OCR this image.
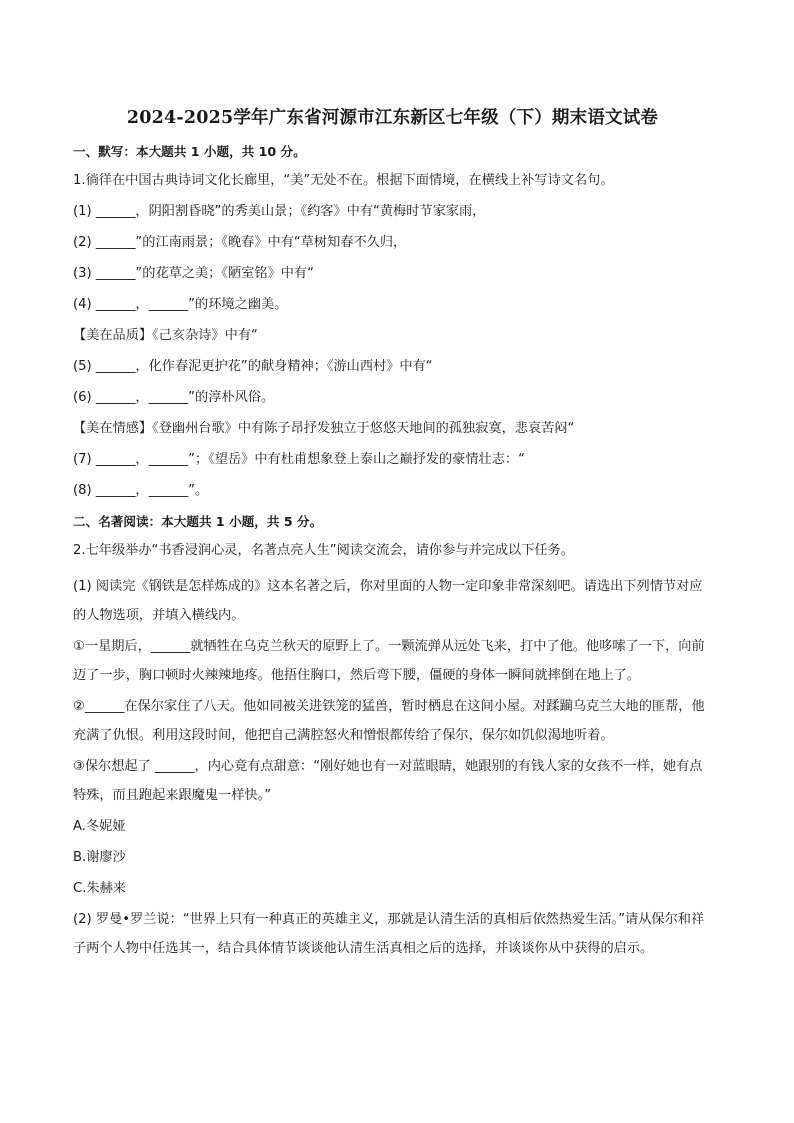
2024-2025学年广东省河源市江东新区七年级（下）期末语文试卷
一、默写：本大题共 1 小题，共 10 分。
1.徜徉在中国古典诗词文化长廊里，“美”无处不在。根据下面情境，在横线上补写诗文名句。
(1) ______，阴阳割昏晓”的秀美山景；《约客》中有“黄梅时节家家雨，
(2) ______”的江南雨景；《晚春》中有“草树知春不久归，
(3) ______”的花草之美；《陋室铭》中有“
(4) ______，______”的环境之幽美。
【美在品质】《己亥杂诗》中有“
(5) ______，化作春泥更护花”的献身精神；《游山西村》中有“
(6) ______，______”的淳朴风俗。
【美在情感】《登幽州台歌》中有陈子昂抒发独立于悠悠天地间的孤独寂寞，悲哀苦闷“
(7) ______，______”；《望岳》中有杜甫想象登上泰山之巅抒发的豪情壮志：“
(8) ______，______”。
二、名著阅读：本大题共 1 小题，共 5 分。
2.七年级举办“书香浸润心灵，名著点亮人生”阅读交流会，请你参与并完成以下任务。
(1) 阅读完《钢铁是怎样炼成的》这本名著之后，你对里面的人物一定印象非常深刻吧。请选出下列情节对应的人物选项，并填入横线内。
①一星期后，______就牺牲在乌克兰秋天的原野上了。一颗流弹从远处飞来，打中了他。他哆嗦了一下，向前迈了一步，胸口顿时火辣辣地疼。他捂住胸口，然后弯下腰，僵硬的身体一瞬间就摔倒在地上了。
②______在保尔家住了八天。他如同被关进铁笼的猛兽，暂时栖息在这间小屋。对蹂躏乌克兰大地的匪帮，他充满了仇恨。利用这段时间，他把自己满腔怒火和憎恨都传给了保尔，保尔如饥似渴地听着。
③保尔想起了 ______，内心竟有点甜意：“刚好她也有一对蓝眼睛，她跟别的有钱人家的女孩不一样，她有点特殊，而且跑起来跟魔鬼一样快。”
A.冬妮娅
B.谢廖沙
C.朱赫来
(2) 罗曼•罗兰说：“世界上只有一种真正的英雄主义，那就是认清生活的真相后依然热爱生活。”请从保尔和祥子两个人物中任选其一，结合具体情节谈谈他认清生活真相之后的选择，并谈谈你从中获得的启示。
